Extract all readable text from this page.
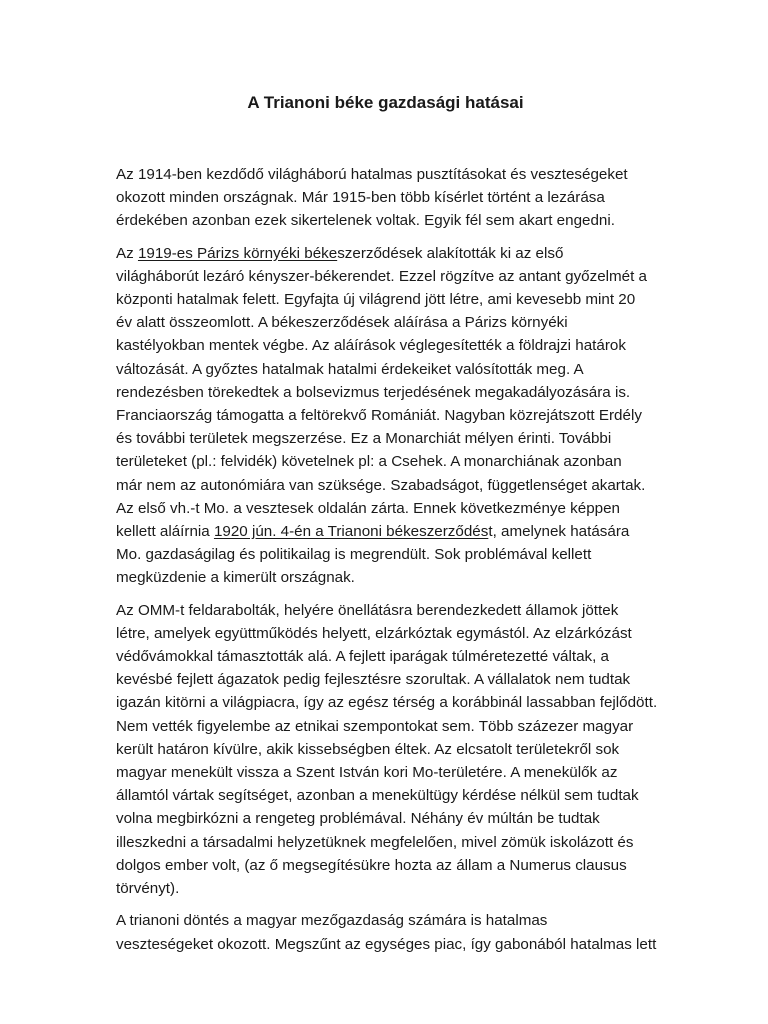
A Trianoni béke gazdasági hatásai

Az 1914-ben kezdődő világháború hatalmas pusztításokat és veszteségeket
okozott minden országnak. Már 1915-ben több kísérlet történt a lezárása
érdekében azonban ezek sikertelenek voltak. Egyik fél sem akart engedni.

Az 1919-es Párizs környéki békeszerződések alakították ki az első
világháborút lezáró kényszer-békerendet. Ezzel rögzítve az antant győzelmét a
központi hatalmak felett. Egyfajta új világrend jött létre, ami kevesebb mint 20
év alatt összeomlott. A békeszerződések aláírása a Párizs környéki
kastélyokban mentek végbe. Az aláírások véglegesítették a földrajzi határok
változását. A győztes hatalmak hatalmi érdekeiket valósították meg. A
rendezésben törekedtek a bolsevizmus terjedésének megakadályozására is.
Franciaország támogatta a feltörekvő Romániát. Nagyban közrejátszott Erdély
és további területek megszerzése. Ez a Monarchiát mélyen érinti. További
területeket (pl.: felvidék) követelnek pl: a Csehek. A monarchiának azonban
már nem az autonómiára van szüksége. Szabadságot, függetlenséget akartak.
Az első vh.-t Mo. a vesztesek oldalán zárta. Ennek következménye képpen
kellett aláírnia 1920 jún. 4-én a Trianoni békeszerződést, amelynek hatására
Mo. gazdaságilag és politikailag is megrendült. Sok problémával kellett
megküzdenie a kimerült országnak.

Az OMM-t feldarabolták, helyére önellátásra berendezkedett államok jöttek
létre, amelyek együttműködés helyett, elzárkóztak egymástól. Az elzárkózást
védővámokkal támasztották alá. A fejlett iparágak túlméretezetté váltak, a
kevésbé fejlett ágazatok pedig fejlesztésre szorultak. A vállalatok nem tudtak
igazán kitörni a világpiacra, így az egész térség a korábbinál lassabban fejlődött.
Nem vették figyelembe az etnikai szempontokat sem. Több százezer magyar
került határon kívülre, akik kissebségben éltek. Az elcsatolt területekről sok
magyar menekült vissza a Szent István kori Mo-területére. A menekülők az
államtól vártak segítséget, azonban a menekültügy kérdése nélkül sem tudtak
volna megbirkózni a rengeteg problémával. Néhány év múltán be tudtak
illeszkedni a társadalmi helyzetüknek megfelelően, mivel zömük iskolázott és
dolgos ember volt, (az ő megsegítésükre hozta az állam a Numerus clausus
törvényt).

A trianoni döntés a magyar mezőgazdaság számára is hatalmas
veszteségeket okozott. Megszűnt az egységes piac, így gabonából hatalmas lett
